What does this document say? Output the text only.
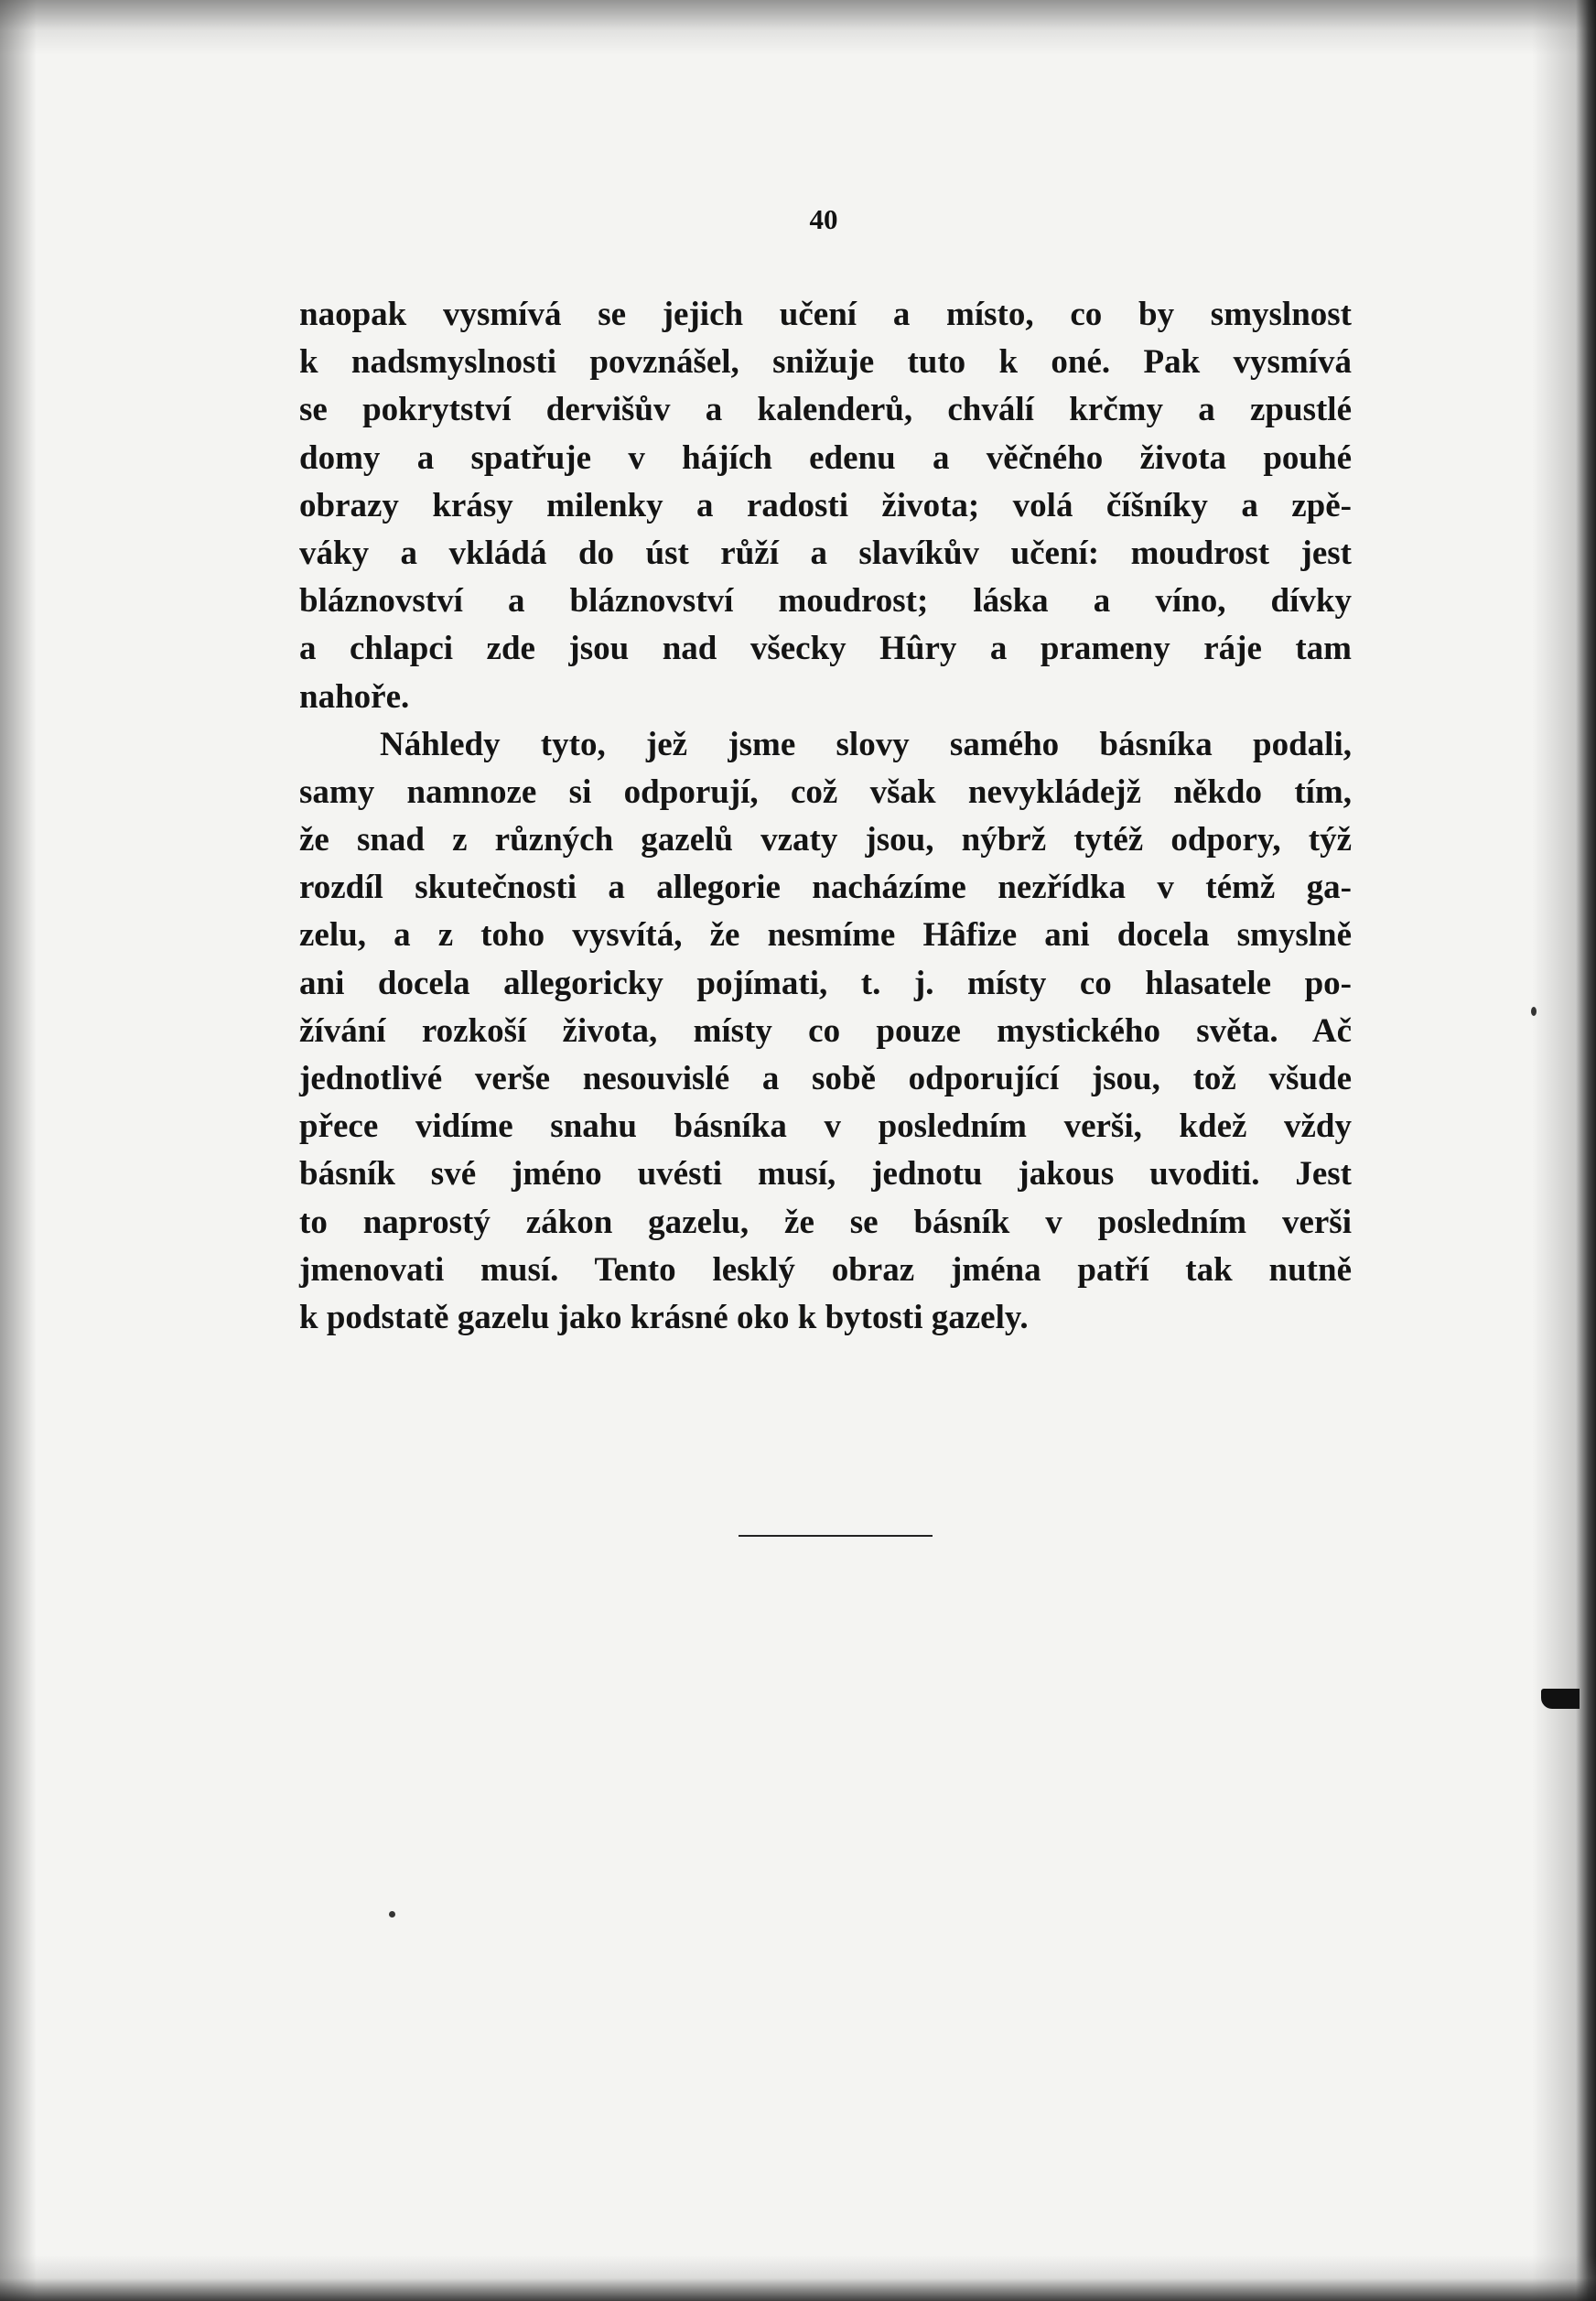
40

naopak vysmívá se jejich učení a místo, co by smyslnost
k nadsmyslnosti povznášel, snižuje tuto k oné. Pak vysmívá
se pokrytství dervišův a kalenderů, chválí krčmy a zpustlé
domy a spatřuje v hájích edenu a věčného života pouhé
obrazy krásy milenky a radosti života; volá číšníky a zpě-
váky a vkládá do úst růží a slavíkův učení: moudrost jest
bláznovství a bláznovství moudrost; láska a víno, dívky
a chlapci zde jsou nad všecky Hûry a prameny ráje tam
nahoře.

Náhledy tyto, jež jsme slovy samého básníka podali,
samy namnoze si odporují, což však nevykládejž někdo tím,
že snad z různých gazelů vzaty jsou, nýbrž tytéž odpory, týž
rozdíl skutečnosti a allegorie nacházíme nezřídka v témž ga-
zelu, a z toho vysvítá, že nesmíme Hâfize ani docela smyslně
ani docela allegoricky pojímati, t. j. místy co hlasatele po-
žívání rozkoší života, místy co pouze mystického světa. Ač
jednotlivé verše nesouvislé a sobě odporující jsou, tož všude
přece vidíme snahu básníka v posledním verši, kdež vždy
básník své jméno uvésti musí, jednotu jakous uvoditi. Jest
to naprostý zákon gazelu, že se básník v posledním verši
jmenovati musí. Tento lesklý obraz jména patří tak nutně
k podstatě gazelu jako krásné oko k bytosti gazely.
